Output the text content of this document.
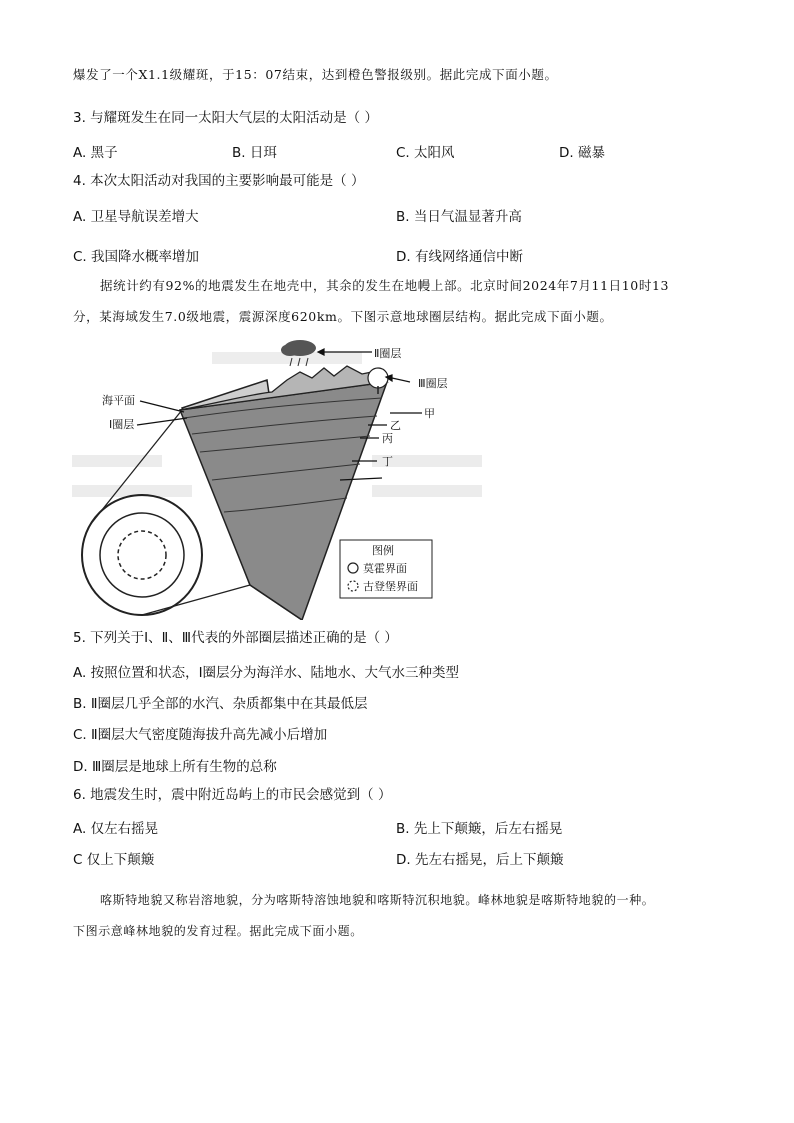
爆发了一个X1.1级耀斑，于15：07结束，达到橙色警报级别。据此完成下面小题。
3. 与耀斑发生在同一太阳大气层的太阳活动是（ ）
A. 黑子	B. 日珥	C. 太阳风	D. 磁暴
4. 本次太阳活动对我国的主要影响最可能是（ ）
A. 卫星导航误差增大	B. 当日气温显著升高
C. 我国降水概率增加	D. 有线网络通信中断
据统计约有92%的地震发生在地壳中，其余的发生在地幔上部。北京时间2024年7月11日10时13
分，某海域发生7.0级地震，震源深度620km。下图示意地球圈层结构。据此完成下面小题。
Ⅱ圈层
Ⅲ圈层
海平面
Ⅰ圈层
甲
乙
丙
丁
图例
莫霍界面
古登堡界面
5. 下列关于Ⅰ、Ⅱ、Ⅲ代表的外部圈层描述正确的是（ ）
A. 按照位置和状态，Ⅰ圈层分为海洋水、陆地水、大气水三种类型
B. Ⅱ圈层几乎全部的水汽、杂质都集中在其最低层
C. Ⅱ圈层大气密度随海拔升高先减小后增加
D. Ⅲ圈层是地球上所有生物的总称
6. 地震发生时，震中附近岛屿上的市民会感觉到（ ）
A. 仅左右摇晃	B. 先上下颠簸，后左右摇晃
C 仅上下颠簸	D. 先左右摇晃，后上下颠簸
喀斯特地貌又称岩溶地貌，分为喀斯特溶蚀地貌和喀斯特沉积地貌。峰林地貌是喀斯特地貌的一种。
下图示意峰林地貌的发育过程。据此完成下面小题。
